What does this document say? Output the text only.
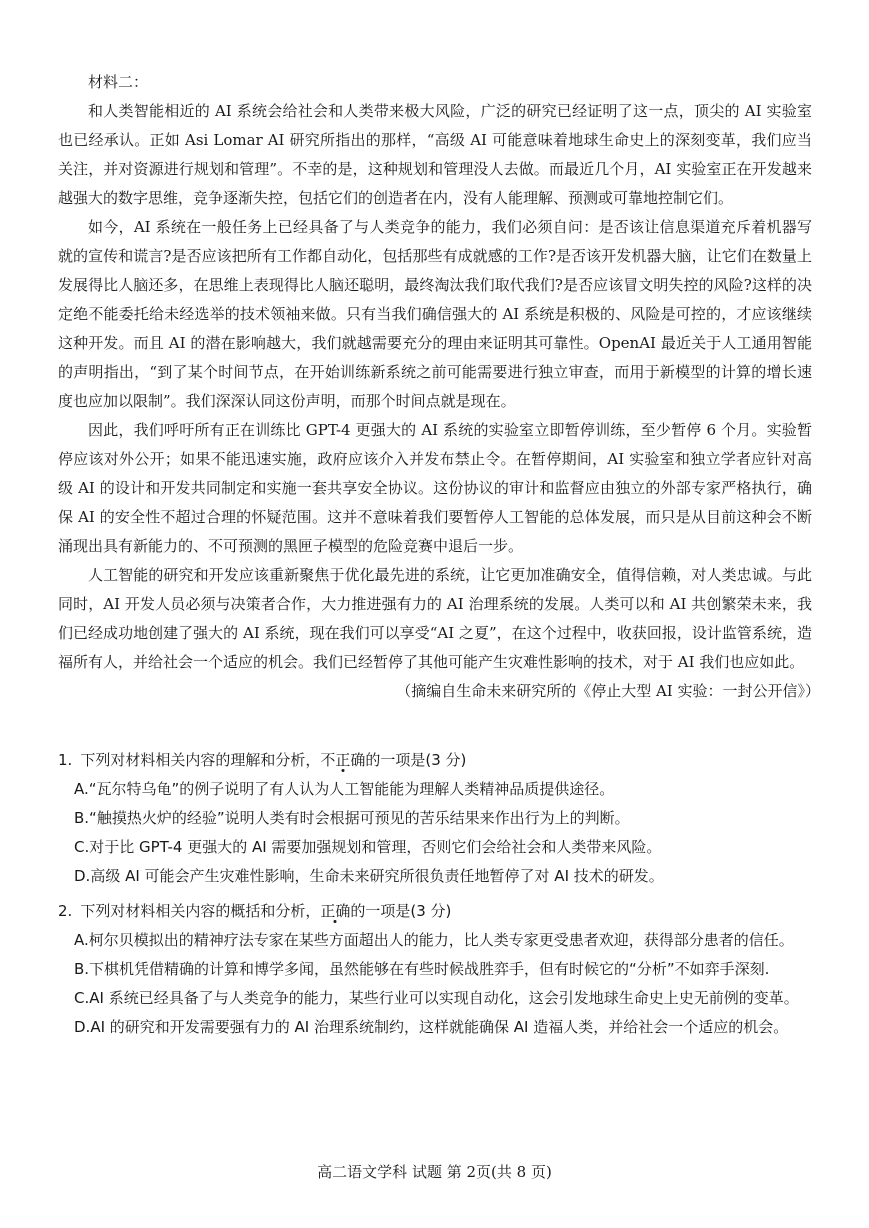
材料二：

和人类智能相近的 AI 系统会给社会和人类带来极大风险，广泛的研究已经证明了这一点，顶尖的 AI 实验室也已经承认。正如 Asi Lomar AI 研究所指出的那样，“高级 AI 可能意味着地球生命史上的深刻变革，我们应当关注，并对资源进行规划和管理”。不幸的是，这种规划和管理没人去做。而最近几个月，AI 实验室正在开发越来越强大的数字思维，竞争逐渐失控，包括它们的创造者在内，没有人能理解、预测或可靠地控制它们。

如今，AI 系统在一般任务上已经具备了与人类竞争的能力，我们必须自问：是否该让信息渠道充斥着机器写就的宣传和谎言?是否应该把所有工作都自动化，包括那些有成就感的工作?是否该开发机器大脑，让它们在数量上发展得比人脑还多，在思维上表现得比人脑还聪明，最终淘汰我们取代我们?是否应该冒文明失控的风险?这样的决定绝不能委托给未经选举的技术领袖来做。只有当我们确信强大的 AI 系统是积极的、风险是可控的，才应该继续这种开发。而且 AI 的潜在影响越大，我们就越需要充分的理由来证明其可靠性。OpenAI 最近关于人工通用智能的声明指出，“到了某个时间节点，在开始训练新系统之前可能需要进行独立审查，而用于新模型的计算的增长速度也应加以限制”。我们深深认同这份声明，而那个时间点就是现在。

因此，我们呼吁所有正在训练比 GPT-4 更强大的 AI 系统的实验室立即暂停训练，至少暂停 6 个月。实验暂停应该对外公开；如果不能迅速实施，政府应该介入并发布禁止令。在暂停期间，AI 实验室和独立学者应针对高级 AI 的设计和开发共同制定和实施一套共享安全协议。这份协议的审计和监督应由独立的外部专家严格执行，确保 AI 的安全性不超过合理的怀疑范围。这并不意味着我们要暂停人工智能的总体发展，而只是从目前这种会不断涌现出具有新能力的、不可预测的黑匣子模型的危险竞赛中退后一步。

人工智能的研究和开发应该重新聚焦于优化最先进的系统，让它更加准确安全，值得信赖，对人类忠诚。与此同时，AI 开发人员必须与决策者合作，大力推进强有力的 AI 治理系统的发展。人类可以和 AI 共创繁荣未来，我们已经成功地创建了强大的 AI 系统，现在我们可以享受“AI 之夏”，在这个过程中，收获回报，设计监管系统，造福所有人，并给社会一个适应的机会。我们已经暂停了其他可能产生灾难性影响的技术，对于 AI 我们也应如此。

（摘编自生命未来研究所的《停止大型 AI 实验：一封公开信》）

1. 下列对材料相关内容的理解和分析，不正确的一项是(3 分)

A.“瓦尔特乌龟”的例子说明了有人认为人工智能能为理解人类精神品质提供途径。

B.“触摸热火炉的经验”说明人类有时会根据可预见的苦乐结果来作出行为上的判断。

C.对于比 GPT-4 更强大的 AI 需要加强规划和管理，否则它们会给社会和人类带来风险。

D.高级 AI 可能会产生灾难性影响，生命未来研究所很负责任地暂停了对 AI 技术的研发。

2. 下列对材料相关内容的概括和分析，正确的一项是(3 分)

A.柯尔贝模拟出的精神疗法专家在某些方面超出人的能力，比人类专家更受患者欢迎，获得部分患者的信任。

B.下棋机凭借精确的计算和博学多闻，虽然能够在有些时候战胜弈手，但有时候它的“分析”不如弈手深刻.

C.AI 系统已经具备了与人类竞争的能力，某些行业可以实现自动化，这会引发地球生命史上史无前例的变革。

D.AI 的研究和开发需要强有力的 AI 治理系统制约，这样就能确保 AI 造福人类，并给社会一个适应的机会。

高二语文学科 试题 第 2页(共 8 页)
